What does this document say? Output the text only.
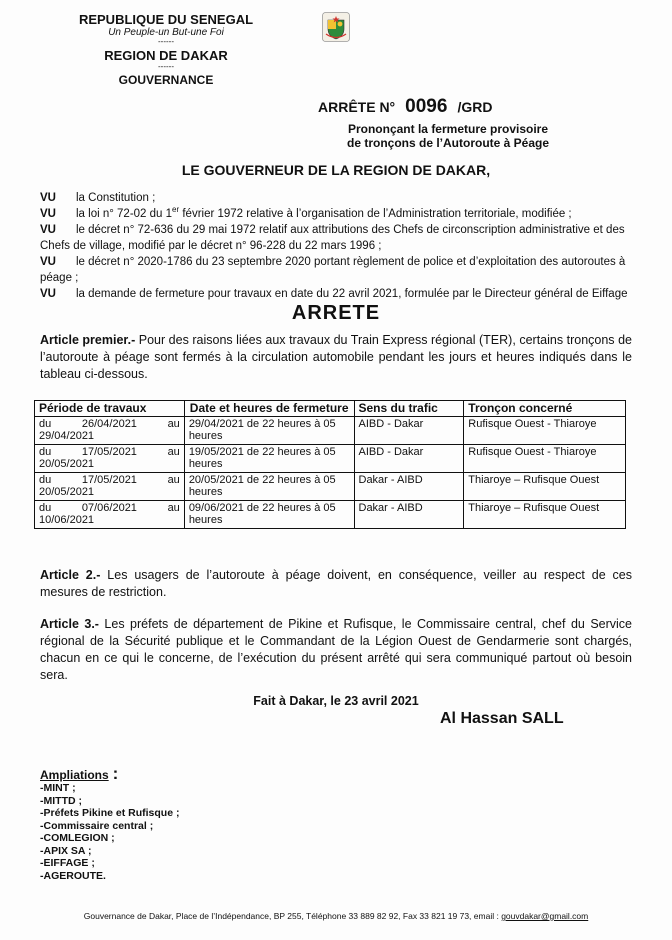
REPUBLIQUE DU SENEGAL
Un Peuple-un But-une Foi
------
REGION DE DAKAR
------
GOUVERNANCE
ARRÊTE N° 0096 /GRD
Prononçant la fermeture provisoire
de tronçons de l’Autoroute à Péage
LE GOUVERNEUR DE LA REGION DE DAKAR,
VU	la Constitution ;
VU	la loi n° 72-02 du 1er février 1972 relative à l’organisation de l’Administration territoriale, modifiée ;
VU	le décret n° 72-636 du 29 mai 1972 relatif aux attributions des Chefs de circonscription administrative et des
Chefs de village, modifié par le décret n° 96-228 du 22 mars 1996 ;
VU	le décret n° 2020-1786 du 23 septembre 2020 portant règlement de police et d’exploitation des autoroutes à
péage ;
VU	la demande de fermeture pour travaux en date du 22 avril 2021, formulée par le Directeur général de Eiffage
ARRETE
Article premier.- Pour des raisons liées aux travaux du Train Express régional (TER), certains tronçons de l’autoroute à péage sont fermés à la circulation automobile pendant les jours et heures indiqués dans le tableau ci-dessous.
Période de travaux	Date et heures de fermeture	Sens du trafic	Tronçon concerné

du 26/04/2021 au
29/04/2021	29/04/2021 de 22 heures à 05 heures	AIBD - Dakar	Rufisque Ouest - Thiaroye

du 17/05/2021 au
20/05/2021	19/05/2021 de 22 heures à 05 heures	AIBD - Dakar	Rufisque Ouest - Thiaroye

du 17/05/2021 au
20/05/2021	20/05/2021 de 22 heures à 05 heures	Dakar - AIBD	Thiaroye – Rufisque Ouest

du 07/06/2021 au
10/06/2021	09/06/2021 de 22 heures à 05 heures	Dakar - AIBD	Thiaroye – Rufisque Ouest
Article 2.- Les usagers de l’autoroute à péage doivent, en conséquence, veiller au respect de ces mesures de restriction.
Article 3.- Les préfets de département de Pikine et Rufisque, le Commissaire central, chef du Service régional de la Sécurité publique et le Commandant de la Légion Ouest de Gendarmerie sont chargés, chacun en ce qui le concerne, de l’exécution du présent arrêté qui sera communiqué partout où besoin sera.
Fait à Dakar, le 23 avril 2021
Al Hassan SALL
Ampliations :
-MINT ;
-MITTD ;
-Préfets Pikine et Rufisque ;
-Commissaire central ;
-COMLEGION ;
-APIX SA ;
-EIFFAGE ;
-AGEROUTE.
Gouvernance de Dakar, Place de l’Indépendance, BP 255, Téléphone 33 889 82 92, Fax 33 821 19 73, email : gouvdakar@gmail.com
